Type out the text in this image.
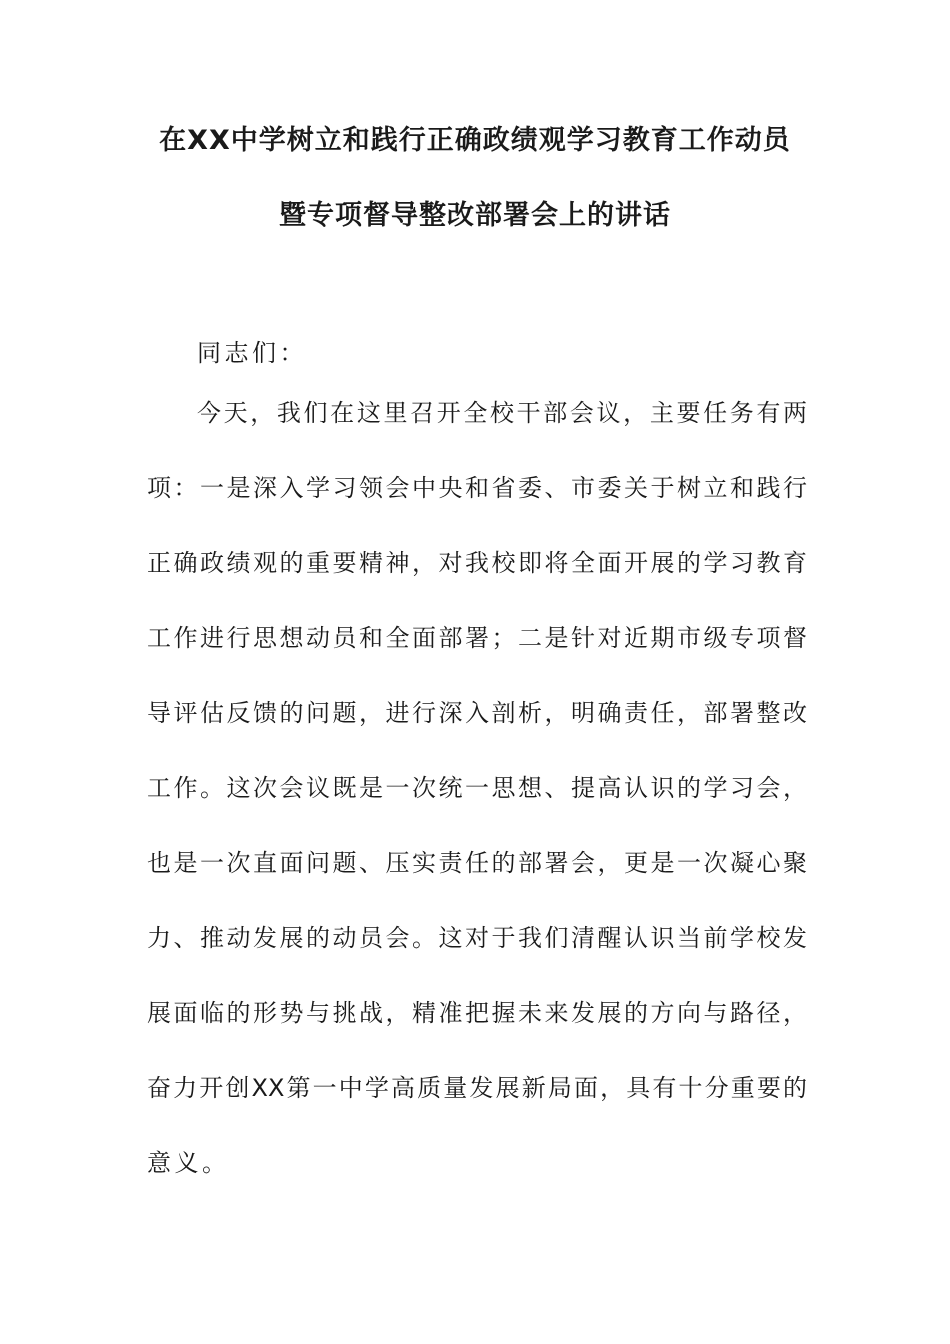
在XX中学树立和践行正确政绩观学习教育工作动员
暨专项督导整改部署会上的讲话
同志们：
今天，我们在这里召开全校干部会议，主要任务有两
项：一是深入学习领会中央和省委、市委关于树立和践行
正确政绩观的重要精神，对我校即将全面开展的学习教育
工作进行思想动员和全面部署；二是针对近期市级专项督
导评估反馈的问题，进行深入剖析，明确责任，部署整改
工作。这次会议既是一次统一思想、提高认识的学习会，
也是一次直面问题、压实责任的部署会，更是一次凝心聚
力、推动发展的动员会。这对于我们清醒认识当前学校发
展面临的形势与挑战，精准把握未来发展的方向与路径，
奋力开创XX第一中学高质量发展新局面，具有十分重要的
意义。
